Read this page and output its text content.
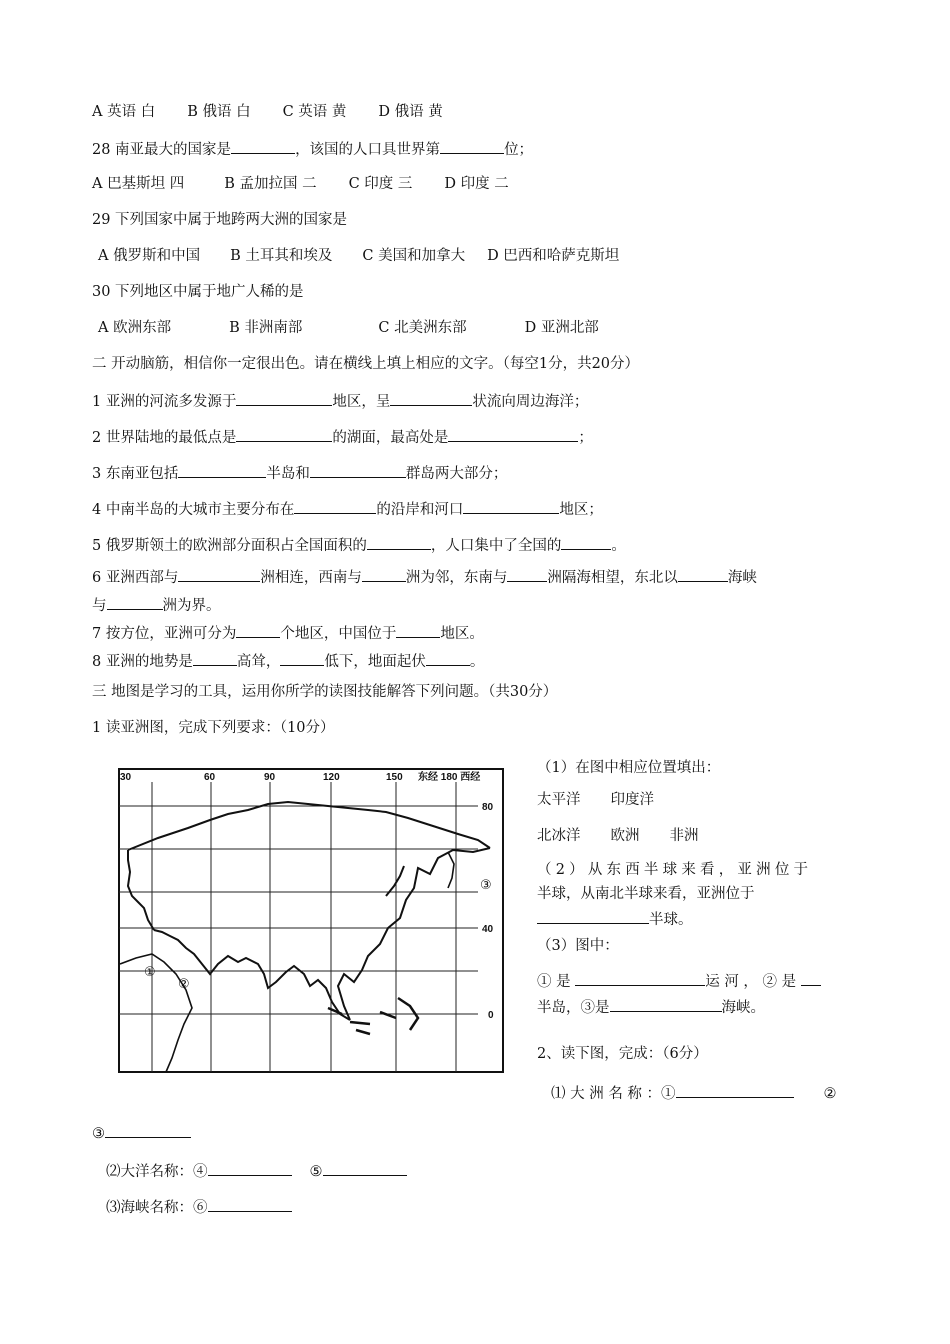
A 英语 白 B 俄语 白 C 英语 黄 D 俄语 黄
28 南亚最大的国家是	，该国的人口具世界第	位；
A 巴基斯坦 四	B 孟加拉国 二 C 印度 三 D 印度 二
29 下列国家中属于地跨两大洲的国家是
A 俄罗斯和中国 B 土耳其和埃及 C 美国和加拿大 D 巴西和哈萨克斯坦
30 下列地区中属于地广人稀的是
A 欧洲东部	B 非洲南部	C 北美洲东部	D 亚洲北部
二 开动脑筋，相信你一定很出色。请在横线上填上相应的文字。（每空1分，共20分）
1 亚洲的河流多发源于	地区，呈	状流向周边海洋；
2 世界陆地的最低点是	的湖面，最高处是	；
3 东南亚包括	半岛和	群岛两大部分；
4 中南半岛的大城市主要分布在	的沿岸和河口	地区；
5 俄罗斯领土的欧洲部分面积占全国面积的	，人口集中了全国的	。
6 亚洲西部与	洲相连，西南与	洲为邻，东南与	洲隔海相望，东北以	海峡
与	洲为界。
7 按方位，亚洲可分为	个地区，中国位于	地区。
8 亚洲的地势是	高耸，	低下，地面起伏	。
三 地图是学习的工具，运用你所学的读图技能解答下列问题。（共30分）
1 读亚洲图，完成下列要求：（10分）
30	60	90	120	150 东经 180 西经
80
40
0
①
②
③
（1）在图中相应位置填出：
太平洋 印度洋
北冰洋 欧洲 非洲
（2）从东西半球来看，亚洲位于
半球，从南北半球来看，亚洲位于
半球。
（3）图中：
① 是	运 河 ， ② 是
半岛，③是	海峡。
2、读下图，完成：（6分）
⑴ 大 洲 名 称 ：①	②
③
⑵大洋名称：④	⑤
⑶海峡名称：⑥
